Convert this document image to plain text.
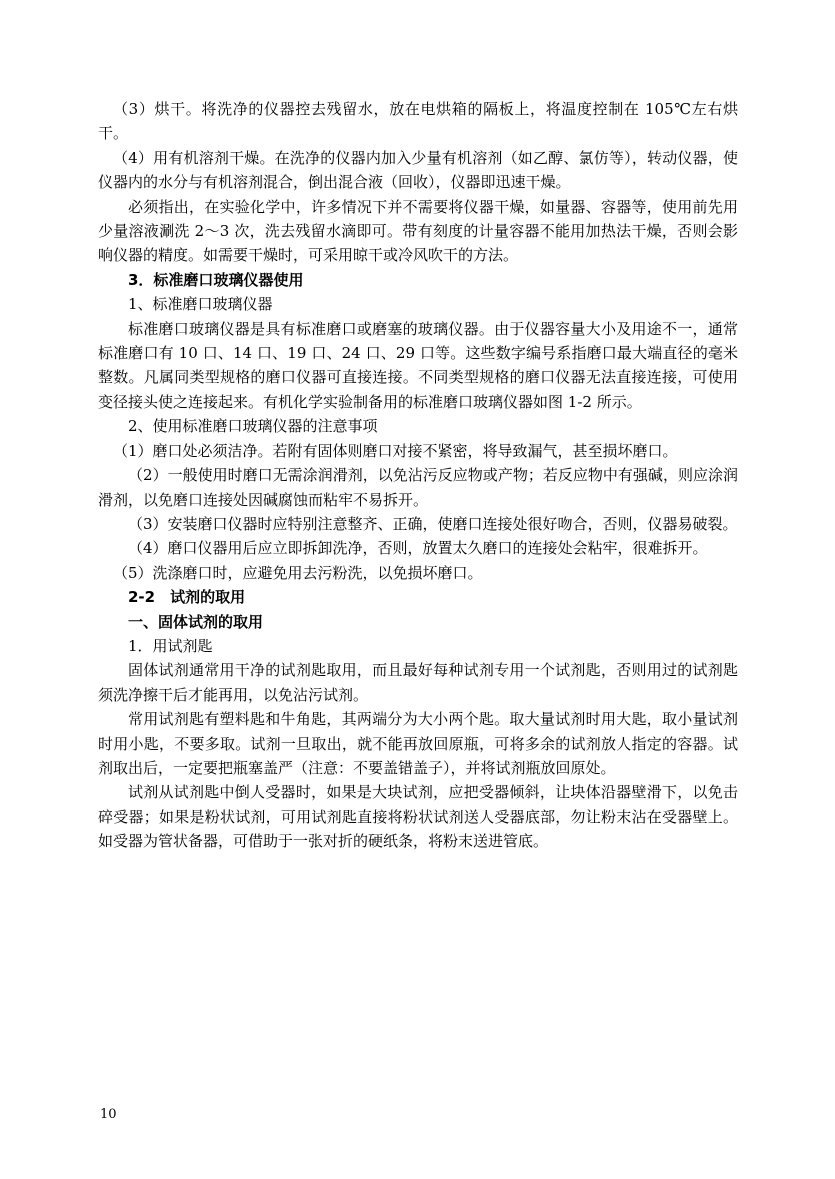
（3）烘干。将洗净的仪器控去残留水，放在电烘箱的隔板上，将温度控制在 105℃左右烘干。

（4）用有机溶剂干燥。在洗净的仪器内加入少量有机溶剂（如乙醇、氯仿等），转动仪器，使仪器内的水分与有机溶剂混合，倒出混合液（回收），仪器即迅速干燥。

必须指出，在实验化学中，许多情况下并不需要将仪器干燥，如量器、容器等，使用前先用少量溶液涮洗 2～3 次，洗去残留水滴即可。带有刻度的计量容器不能用加热法干燥，否则会影响仪器的精度。如需要干燥时，可采用晾干或冷风吹干的方法。

3．标准磨口玻璃仪器使用

1、标准磨口玻璃仪器

标准磨口玻璃仪器是具有标准磨口或磨塞的玻璃仪器。由于仪器容量大小及用途不一，通常标准磨口有 10 口、14 口、19 口、24 口、29 口等。这些数字编号系指磨口最大端直径的毫米整数。凡属同类型规格的磨口仪器可直接连接。不同类型规格的磨口仪器无法直接连接，可使用变径接头使之连接起来。有机化学实验制备用的标准磨口玻璃仪器如图 1-2 所示。

2、使用标准磨口玻璃仪器的注意事项

（1）磨口处必须洁净。若附有固体则磨口对接不紧密，将导致漏气，甚至损坏磨口。

（2）一般使用时磨口无需涂润滑剂，以免沾污反应物或产物；若反应物中有强碱，则应涂润滑剂，以免磨口连接处因碱腐蚀而粘牢不易拆开。

（3）安装磨口仪器时应特别注意整齐、正确，使磨口连接处很好吻合，否则，仪器易破裂。

（4）磨口仪器用后应立即拆卸洗净，否则，放置太久磨口的连接处会粘牢，很难拆开。

（5）洗涤磨口时，应避免用去污粉洗，以免损坏磨口。

2-2　试剂的取用

一、固体试剂的取用

1．用试剂匙

固体试剂通常用干净的试剂匙取用，而且最好每种试剂专用一个试剂匙，否则用过的试剂匙须洗净擦干后才能再用，以免沾污试剂。

常用试剂匙有塑料匙和牛角匙，其两端分为大小两个匙。取大量试剂时用大匙，取小量试剂时用小匙，不要多取。试剂一旦取出，就不能再放回原瓶，可将多余的试剂放人指定的容器。试剂取出后，一定要把瓶塞盖严（注意：不要盖错盖子），并将试剂瓶放回原处。

试剂从试剂匙中倒人受器时，如果是大块试剂，应把受器倾斜，让块体沿器壁滑下，以免击碎受器；如果是粉状试剂，可用试剂匙直接将粉状试剂送人受器底部，勿让粉末沾在受器壁上。如受器为管状备器，可借助于一张对折的硬纸条，将粉末送进管底。

10
